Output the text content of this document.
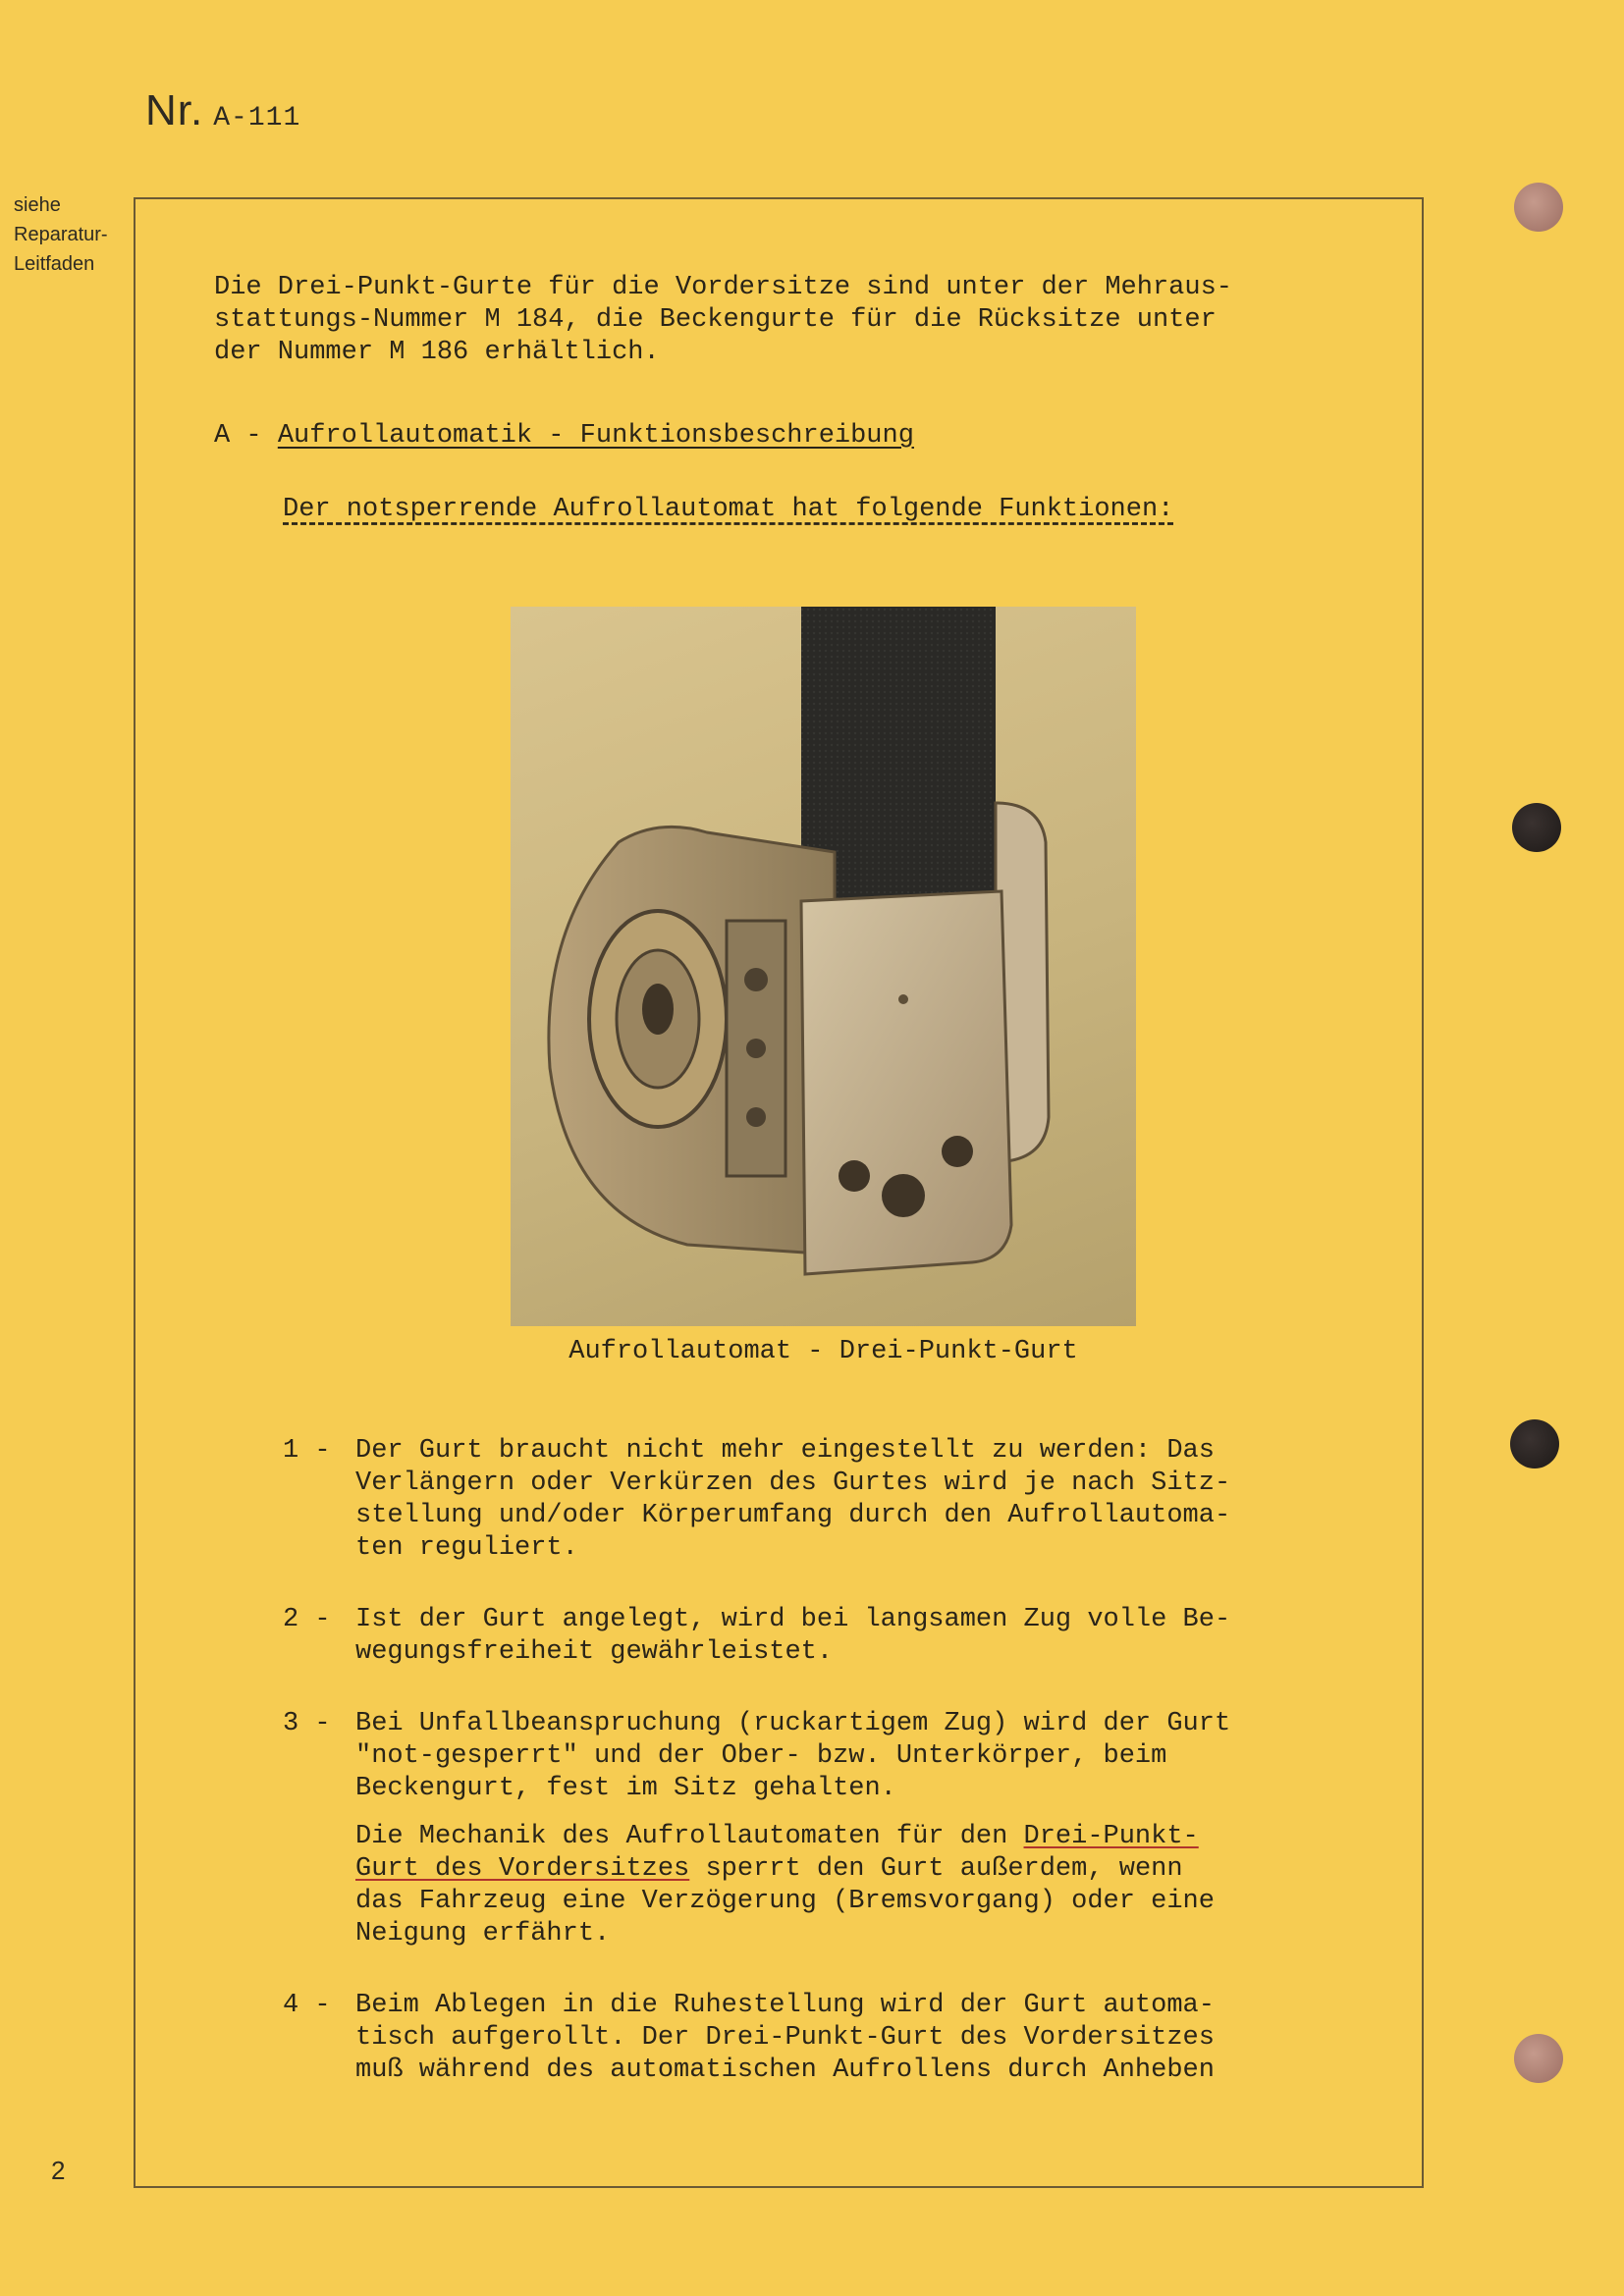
Nr. A-111
siehe
Reparatur-
Leitfaden

Die Drei-Punkt-Gurte für die Vordersitze sind unter der Mehraus-
stattungs-Nummer M 184, die Beckengurte für die Rücksitze unter
der Nummer M 186 erhältlich.

A - Aufrollautomatik - Funktionsbeschreibung

Der notsperrende Aufrollautomat hat folgende Funktionen:

Aufrollautomat - Drei-Punkt-Gurt
1 - Der Gurt braucht nicht mehr eingestellt zu werden: Das
Verlängern oder Verkürzen des Gurtes wird je nach Sitz-
stellung und/oder Körperumfang durch den Aufrollautoma-
ten reguliert.

2 - Ist der Gurt angelegt, wird bei langsamen Zug volle Be-
wegungsfreiheit gewährleistet.

3 - Bei Unfallbeanspruchung (ruckartigem Zug) wird der Gurt
"not-gesperrt" und der Ober- bzw. Unterkörper, beim
Beckengurt, fest im Sitz gehalten.

Die Mechanik des Aufrollautomaten für den Drei-Punkt-
Gurt des Vordersitzes sperrt den Gurt außerdem, wenn
das Fahrzeug eine Verzögerung (Bremsvorgang) oder eine
Neigung erfährt.

4 - Beim Ablegen in die Ruhestellung wird der Gurt automa-
tisch aufgerollt. Der Drei-Punkt-Gurt des Vordersitzes
muß während des automatischen Aufrollens durch Anheben

2
